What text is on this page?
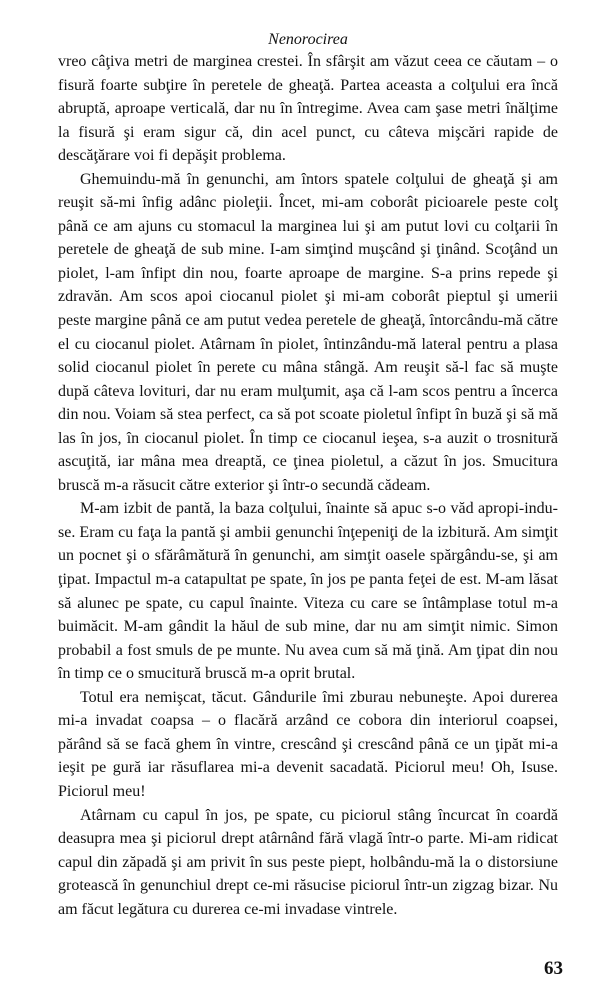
Nenorocirea

vreo câţiva metri de marginea crestei. În sfârşit am văzut ceea ce căutam – o fisură foarte subţire în peretele de gheaţă. Partea aceasta a colţului era încă abruptă, aproape verticală, dar nu în întregime. Avea cam şase metri înălţime la fisură şi eram sigur că, din acel punct, cu câteva mişcări rapide de descăţărare voi fi depăşit problema.

Ghemuindu-mă în genunchi, am întors spatele colţului de gheaţă şi am reuşit să-mi înfig adânc pioleţii. Încet, mi-am coborât picioarele peste colţ până ce am ajuns cu stomacul la marginea lui şi am putut lovi cu colţarii în peretele de gheaţă de sub mine. I-am simţind muşcând şi ţinând. Scoţând un piolet, l-am înfipt din nou, foarte aproape de margine. S-a prins repede şi zdravăn. Am scos apoi ciocanul piolet şi mi-am coborât pieptul şi umerii peste margine până ce am putut vedea peretele de gheaţă, întorcându-mă către el cu ciocanul piolet. Atârnam în piolet, întinzându-mă lateral pentru a plasa solid ciocanul piolet în perete cu mâna stângă. Am reuşit să-l fac să muşte după câteva lovituri, dar nu eram mulţumit, aşa că l-am scos pentru a încerca din nou. Voiam să stea perfect, ca să pot scoate pioletul înfipt în buză şi să mă las în jos, în ciocanul piolet. În timp ce ciocanul ieşea, s-a auzit o trosnitură ascuţită, iar mâna mea dreaptă, ce ţinea pioletul, a căzut în jos. Smucitura bruscă m-a răsucit către exterior şi într-o secundă cădeam.

M-am izbit de pantă, la baza colţului, înainte să apuc s-o văd apropi-indu-se. Eram cu faţa la pantă şi ambii genunchi înţepeniţi de la izbitură. Am simţit un pocnet şi o sfărâmătură în genunchi, am simţit oasele spărgându-se, şi am ţipat. Impactul m-a catapultat pe spate, în jos pe panta feţei de est. M-am lăsat să alunec pe spate, cu capul înainte. Viteza cu care se întâmplase totul m-a buimăcit. M-am gândit la hăul de sub mine, dar nu am simţit nimic. Simon probabil a fost smuls de pe munte. Nu avea cum să mă ţină. Am ţipat din nou în timp ce o smucitură bruscă m-a oprit brutal.

Totul era nemişcat, tăcut. Gândurile îmi zburau nebuneşte. Apoi durerea mi-a invadat coapsa – o flacără arzând ce cobora din interiorul coapsei, părând să se facă ghem în vintre, crescând şi crescând până ce un ţipăt mi-a ieşit pe gură iar răsuflarea mi-a devenit sacadată. Piciorul meu! Oh, Isuse. Piciorul meu!

Atârnam cu capul în jos, pe spate, cu piciorul stâng încurcat în coardă deasupra mea şi piciorul drept atârnând fără vlagă într-o parte. Mi-am ridicat capul din zăpadă şi am privit în sus peste piept, holbându-mă la o distorsiune grotească în genunchiul drept ce-mi răsucise piciorul într-un zigzag bizar. Nu am făcut legătura cu durerea ce-mi invadase vintrele.

63
